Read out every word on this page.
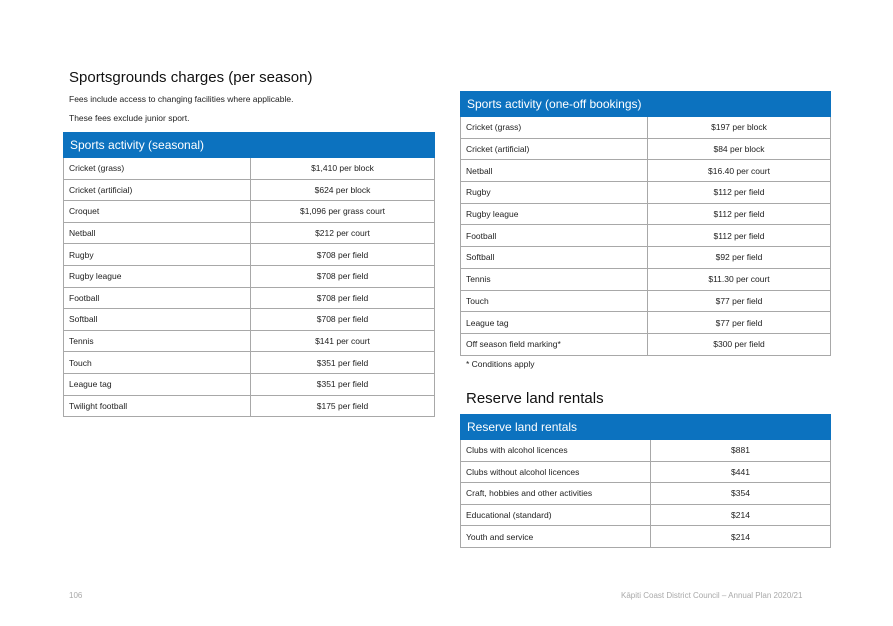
Sportsgrounds charges (per season)
Fees include access to changing facilities where applicable.
These fees exclude junior sport.
Sports activity (seasonal)	
Cricket (grass)	$1,410 per block
Cricket (artificial)	$624 per block
Croquet	$1,096 per grass court
Netball	$212 per court
Rugby	$708 per field
Rugby league	$708 per field
Football	$708 per field
Softball	$708 per field
Tennis	$141 per court
Touch	$351 per field
League tag	$351 per field
Twilight football	$175 per field
Sports activity (one-off bookings)	
Cricket (grass)	$197 per block
Cricket (artificial)	$84 per block
Netball	$16.40 per court
Rugby	$112 per field
Rugby league	$112 per field
Football	$112 per field
Softball	$92 per field
Tennis	$11.30 per court
Touch	$77 per field
League tag	$77 per field
Off season field marking*	$300 per field
* Conditions apply
Reserve land rentals
Reserve land rentals	
Clubs with alcohol licences	$881
Clubs without alcohol licences	$441
Craft, hobbies and other activities	$354
Educational (standard)	$214
Youth and service	$214
106	Kāpiti Coast District Council – Annual Plan 2020/21
